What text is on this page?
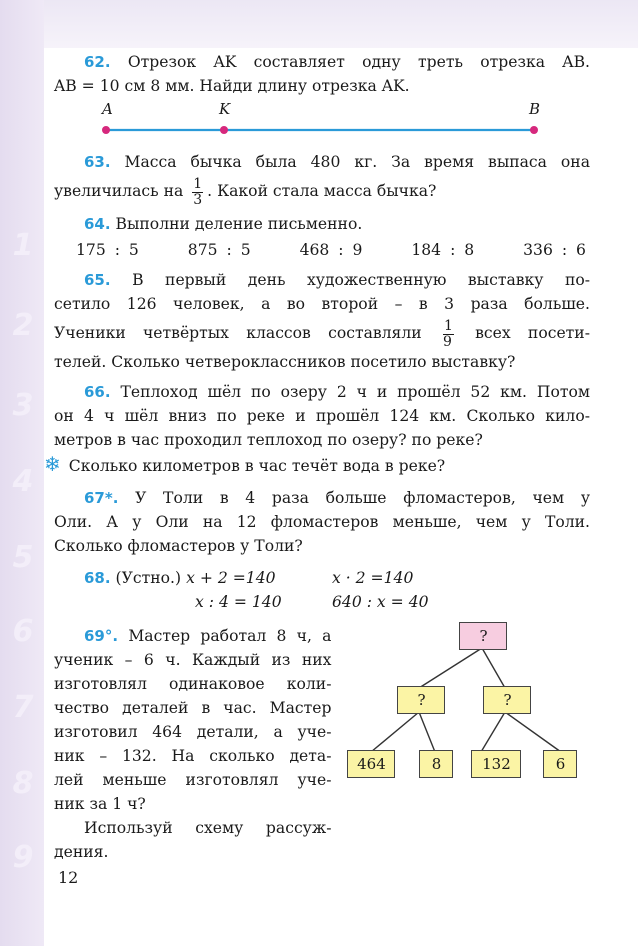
1
2
3
4
5
6
7
8
9

62. Отрезок AK составляет одну треть отрезка AB.

AB = 10 см 8 мм. Найди длину отрезка AK.

A	K	B

63. Масса бычка была 480 кг. За время выпаса она

увеличилась на $\frac{1}{3}$ . Какой стала масса бычка?

64. Выполни деление письменно.

175 : 5	875 : 5	468 : 9	184 : 8	336 : 6

65. В первый день художественную выставку по-

сетило 126 человек, а во второй – в 3 раза больше.

Ученики четвёртых классов составляли $\frac{1}{9}$ всех посети-

телей. Сколько четвероклассников посетило выставку?

66. Теплоход шёл по озеру 2 ч и прошёл 52 км. Потом

он 4 ч шёл вниз по реке и прошёл 124 км. Сколько кило-

метров в час проходил теплоход по озеру? по реке?

❄ Сколько километров в час течёт вода в реке?

67*. У Толи в 4 раза больше фломастеров, чем у

Оли. А у Оли на 12 фломастеров меньше, чем у Толи.

Сколько фломастеров у Толи?

68. (Устно.) x + 2 =140	x · 2 =140
x : 4 = 140	640 : x = 40

69°. Мастер работал 8 ч, а

ученик – 6 ч. Каждый из них

изготовлял одинаковое коли-

чество деталей в час. Мастер

изготовил 464 детали, а уче-

ник – 132. На сколько дета-

лей меньше изготовлял уче-

ник за 1 ч?

Используй схему рассуж-

дения.

?
?	?
464	8	132	6
12
